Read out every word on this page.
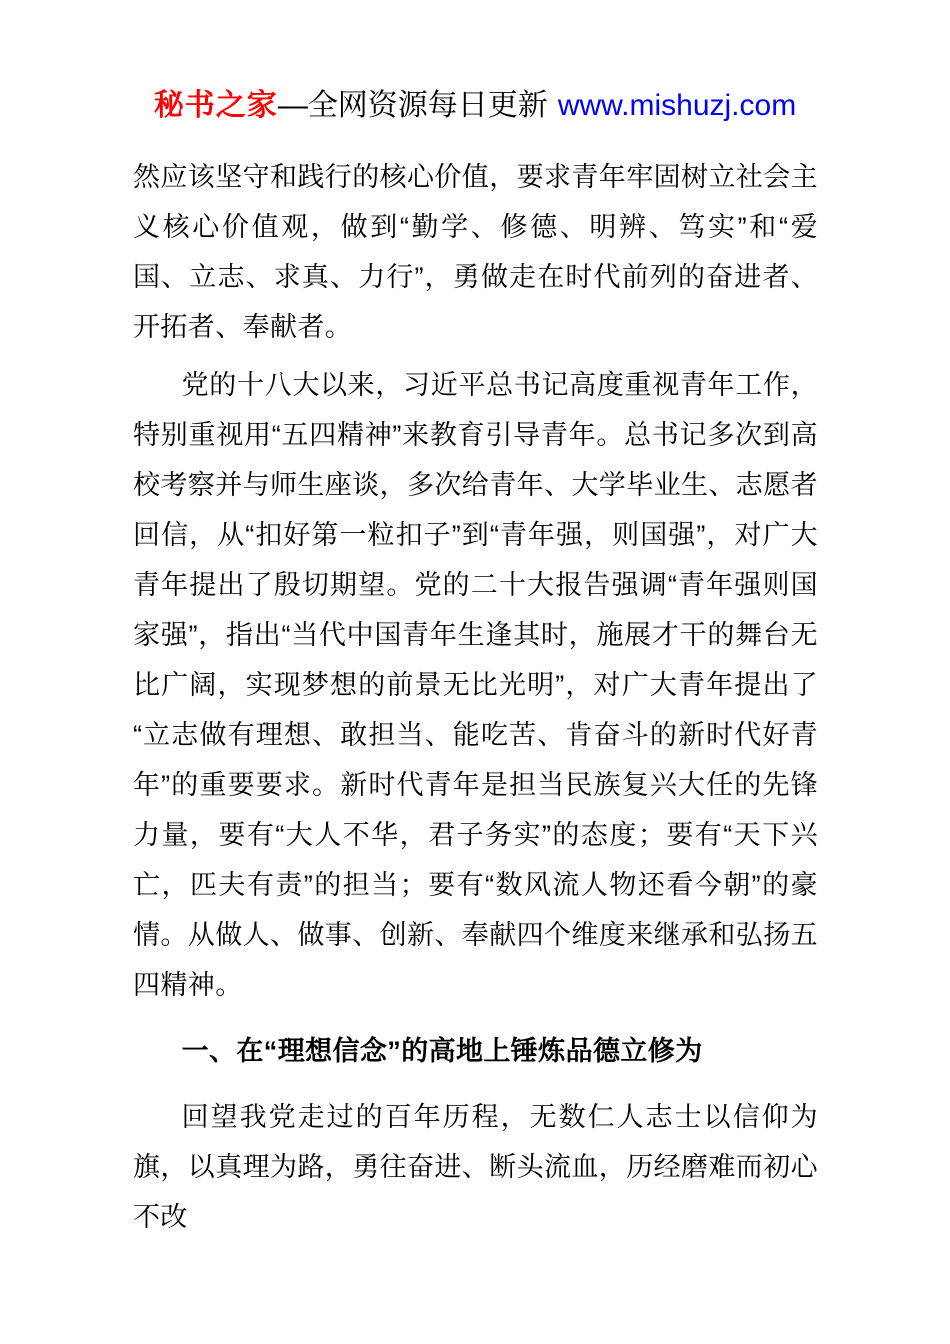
秘书之家—全网资源每日更新 www.mishuzj.com

然应该坚守和践行的核心价值，要求青年牢固树立社会主义核心价值观，做到“勤学、修德、明辨、笃实”和“爱国、立志、求真、力行”，勇做走在时代前列的奋进者、开拓者、奉献者。

党的十八大以来，习近平总书记高度重视青年工作，特别重视用“五四精神”来教育引导青年。总书记多次到高校考察并与师生座谈，多次给青年、大学毕业生、志愿者回信，从“扣好第一粒扣子”到“青年强，则国强”，对广大青年提出了殷切期望。党的二十大报告强调“青年强则国家强”，指出“当代中国青年生逢其时，施展才干的舞台无比广阔，实现梦想的前景无比光明”，对广大青年提出了“立志做有理想、敢担当、能吃苦、肯奋斗的新时代好青年”的重要要求。新时代青年是担当民族复兴大任的先锋力量，要有“大人不华，君子务实”的态度；要有“天下兴亡，匹夫有责”的担当；要有“数风流人物还看今朝”的豪情。从做人、做事、创新、奉献四个维度来继承和弘扬五四精神。

一、在“理想信念”的高地上锤炼品德立修为

回望我党走过的百年历程，无数仁人志士以信仰为旗，以真理为路，勇往奋进、断头流血，历经磨难而初心不改
